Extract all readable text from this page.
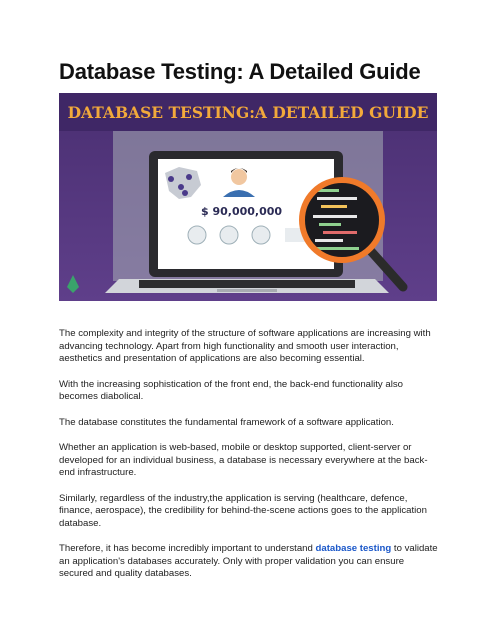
Database Testing: A Detailed Guide
DATABASE TESTING:A DETAILED GUIDE
$ 90,000,000

The complexity and integrity of the structure of software applications are increasing with advancing technology. Apart from high functionality and smooth user interaction, aesthetics and presentation of applications are also becoming essential.

With the increasing sophistication of the front end, the back-end functionality also becomes diabolical.

The database constitutes the fundamental framework of a software application.

Whether an application is web-based, mobile or desktop supported, client-server or developed for an individual business, a database is necessary everywhere at the back-end infrastructure.

Similarly, regardless of the industry,the application is serving (healthcare, defence, finance, aerospace), the credibility for behind-the-scene actions goes to the application database.

Therefore, it has become incredibly important to understand database testing to validate an application's databases accurately. Only with proper validation you can ensure secured and quality databases.
